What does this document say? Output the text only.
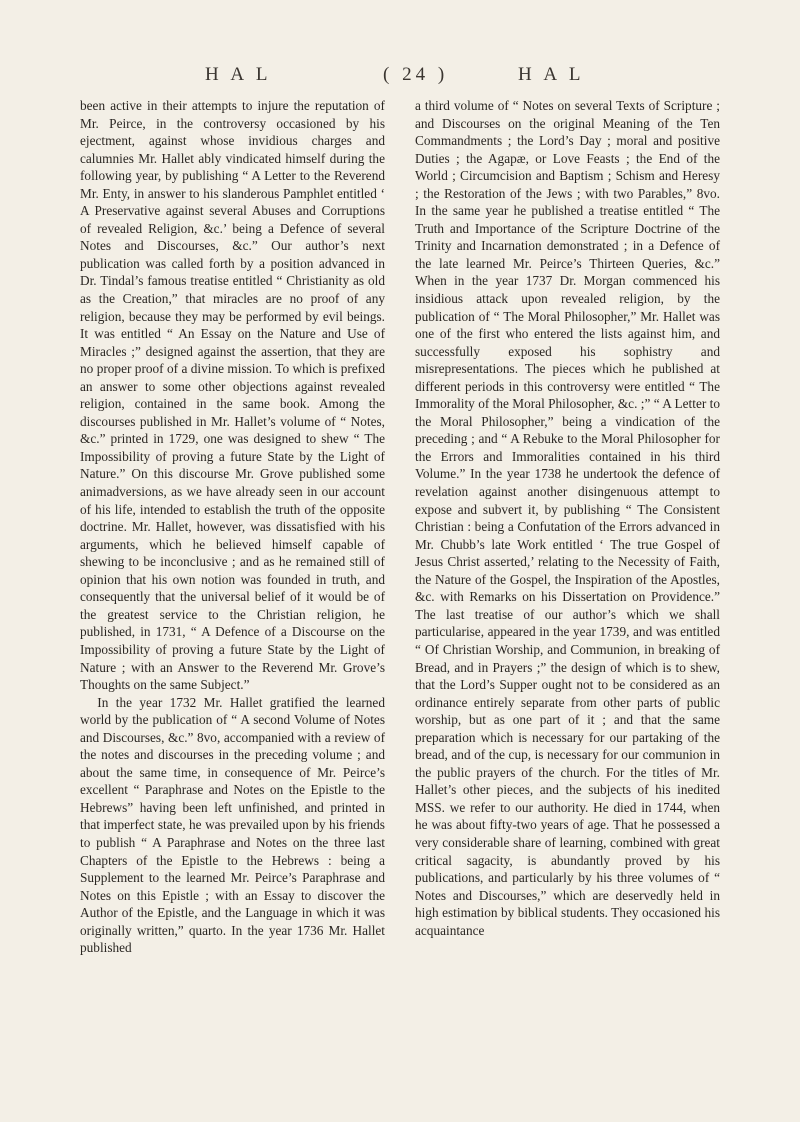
H A L	( 24 )	H A L

been active in their attempts to injure the reputation of Mr. Peirce, in the controversy occasioned by his ejectment, against whose invidious charges and calumnies Mr. Hallet ably vindicated himself during the following year, by publishing “ A Letter to the Reverend Mr. Enty, in answer to his slanderous Pamphlet entitled ‘ A Preservative against several Abuses and Corruptions of revealed Religion, &c.’ being a Defence of several Notes and Discourses, &c.” Our author’s next publication was called forth by a position advanced in Dr. Tindal’s famous treatise entitled “ Christianity as old as the Creation,” that miracles are no proof of any religion, because they may be performed by evil beings. It was entitled “ An Essay on the Nature and Use of Miracles ;” designed against the assertion, that they are no proper proof of a divine mission. To which is prefixed an answer to some other objections against revealed religion, contained in the same book. Among the discourses published in Mr. Hallet’s volume of “ Notes, &c.” printed in 1729, one was designed to shew “ The Impossibility of proving a future State by the Light of Nature.” On this discourse Mr. Grove published some animadversions, as we have already seen in our account of his life, intended to establish the truth of the opposite doctrine. Mr. Hallet, however, was dissatisfied with his arguments, which he believed himself capable of shewing to be inconclusive ; and as he remained still of opinion that his own notion was founded in truth, and consequently that the universal belief of it would be of the greatest service to the Christian religion, he published, in 1731, “ A Defence of a Discourse on the Impossibility of proving a future State by the Light of Nature ; with an Answer to the Reverend Mr. Grove’s Thoughts on the same Subject.”

In the year 1732 Mr. Hallet gratified the learned world by the publication of “ A second Volume of Notes and Discourses, &c.” 8vo, accompanied with a review of the notes and discourses in the preceding volume ; and about the same time, in consequence of Mr. Peirce’s excellent “ Paraphrase and Notes on the Epistle to the Hebrews” having been left unfinished, and printed in that imperfect state, he was prevailed upon by his friends to publish “ A Paraphrase and Notes on the three last Chapters of the Epistle to the Hebrews : being a Supplement to the learned Mr. Peirce’s Paraphrase and Notes on this Epistle ; with an Essay to discover the Author of the Epistle, and the Language in which it was originally written,” quarto. In the year 1736 Mr. Hallet published

a third volume of “ Notes on several Texts of Scripture ; and Discourses on the original Meaning of the Ten Commandments ; the Lord’s Day ; moral and positive Duties ; the Agapæ, or Love Feasts ; the End of the World ; Circumcision and Baptism ; Schism and Heresy ; the Restoration of the Jews ; with two Parables,” 8vo. In the same year he published a treatise entitled “ The Truth and Importance of the Scripture Doctrine of the Trinity and Incarnation demonstrated ; in a Defence of the late learned Mr. Peirce’s Thirteen Queries, &c.” When in the year 1737 Dr. Morgan commenced his insidious attack upon revealed religion, by the publication of “ The Moral Philosopher,” Mr. Hallet was one of the first who entered the lists against him, and successfully exposed his sophistry and misrepresentations. The pieces which he published at different periods in this controversy were entitled “ The Immorality of the Moral Philosopher, &c. ;” “ A Letter to the Moral Philosopher,” being a vindication of the preceding ; and “ A Rebuke to the Moral Philosopher for the Errors and Immoralities contained in his third Volume.” In the year 1738 he undertook the defence of revelation against another disingenuous attempt to expose and subvert it, by publishing “ The Consistent Christian : being a Confutation of the Errors advanced in Mr. Chubb’s late Work entitled ‘ The true Gospel of Jesus Christ asserted,’ relating to the Necessity of Faith, the Nature of the Gospel, the Inspiration of the Apostles, &c. with Remarks on his Dissertation on Providence.” The last treatise of our author’s which we shall particularise, appeared in the year 1739, and was entitled “ Of Christian Worship, and Communion, in breaking of Bread, and in Prayers ;” the design of which is to shew, that the Lord’s Supper ought not to be considered as an ordinance entirely separate from other parts of public worship, but as one part of it ; and that the same preparation which is necessary for our partaking of the bread, and of the cup, is necessary for our communion in the public prayers of the church. For the titles of Mr. Hallet’s other pieces, and the subjects of his inedited MSS. we refer to our authority. He died in 1744, when he was about fifty-two years of age. That he possessed a very considerable share of learning, combined with great critical sagacity, is abundantly proved by his publications, and particularly by his three volumes of “ Notes and Discourses,” which are deservedly held in high estimation by biblical students. They occasioned his acquaintance
